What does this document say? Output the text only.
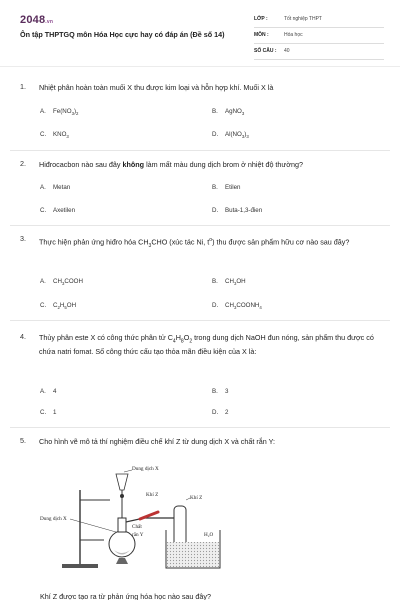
2048.vn
Ôn tập THPTGQ môn Hóa Học cực hay có đáp án (Đề số 14)
LỚP :	Tốt nghiệp THPT
MÔN :	Hóa học
SỐ CÂU : 40
1. Nhiệt phân hoàn toàn muối X thu được kim loại và hỗn hợp khí. Muối X là
A. $Fe(NO_3)_2$	B. AgNO$_3$
C. $KNO_3$	D. $Al(NO_3)_3$
2. Hiđrocacbon nào sau đây không làm mất màu dung dịch brom ở nhiệt độ thường?
A. Metan	B. Etilen
C. Axetilen	D. Buta-1,3-đien
3. Thực hiện phản ứng hiđro hóa $CH_3CHO$ (xúc tác Ni, $t^o$) thu được sản phẩm hữu cơ nào sau đây?
A. $CH_3COOH$	B. $CH_3OH$
C. $C_2H_5OH$	D. $CH_3COONH_4$
4. Thủy phân este X có công thức phân tử $C_4H_8O_2$ trong dung dịch NaOH đun nóng, sản phẩm thu được có chứa natri fomat. Số công thức cấu tạo thỏa mãn điều kiện của X là:
A. 4	B. 3
C. 1	D. 2
5. Cho hình vẽ mô tả thí nghiệm điều chế khí Z từ dung dịch X và chất rắn Y:
Dung dịch X
Khí Z	Khí Z
Dung dịch X
Chất
rắn Y	H₂O
Khí Z được tạo ra từ phản ứng hóa học nào sau đây?
